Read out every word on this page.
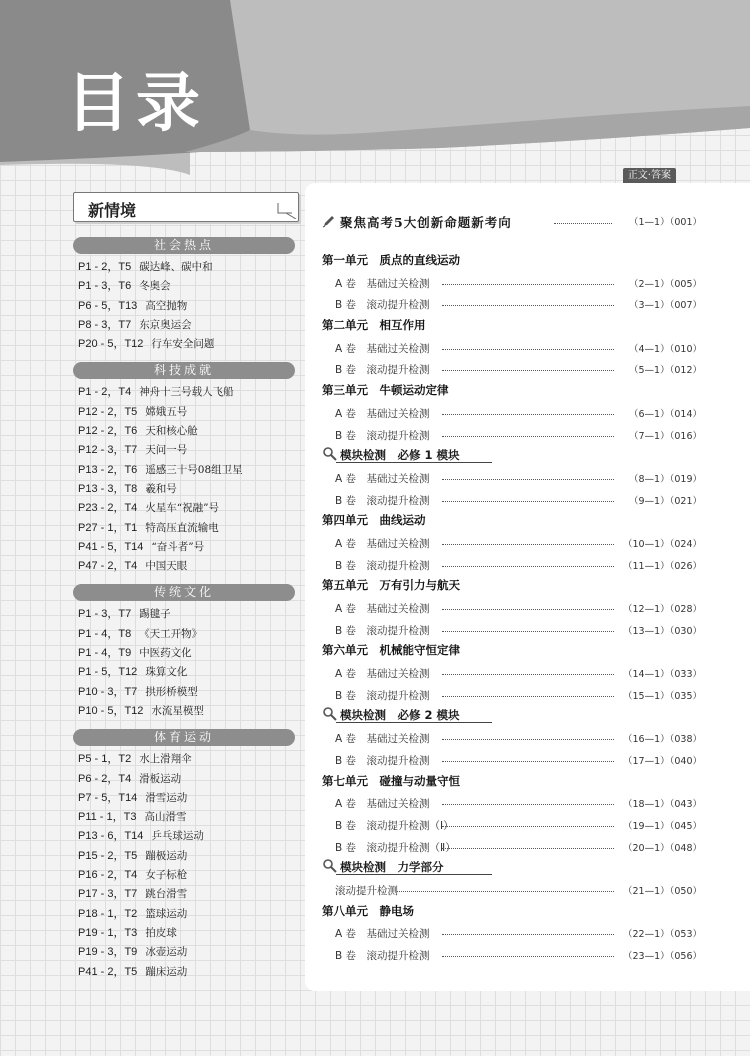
目录
正文·答案
新情境
社会热点
P1 - 2，T5 碳达峰、碳中和
P1 - 3，T6 冬奥会
P6 - 5，T13 高空抛物
P8 - 3，T7 东京奥运会
P20 - 5，T12 行车安全问题
科技成就
P1 - 2，T4 神舟十三号载人飞船
P12 - 2，T5 嫦娥五号
P12 - 2，T6 天和核心舱
P12 - 3，T7 天问一号
P13 - 2，T6 遥感三十号08组卫星
P13 - 3，T8 羲和号
P23 - 2，T4 火星车“祝融”号
P27 - 1，T1 特高压直流输电
P41 - 5，T14 “奋斗者”号
P47 - 2，T4 中国天眼
传统文化
P1 - 3，T7 踢毽子
P1 - 4，T8 《天工开物》
P1 - 4，T9 中医药文化
P1 - 5，T12 珠算文化
P10 - 3，T7 拱形桥模型
P10 - 5，T12 水流星模型
体育运动
P5 - 1，T2 水上滑翔伞
P6 - 2，T4 滑板运动
P7 - 5，T14 滑雪运动
P11 - 1，T3 高山滑雪
P13 - 6，T14 乒乓球运动
P15 - 2，T5 蹦极运动
P16 - 2，T4 女子标枪
P17 - 3，T7 跳台滑雪
P18 - 1，T2 篮球运动
P19 - 1，T3 拍皮球
P19 - 3，T9 冰壶运动
P41 - 2，T5 蹦床运动
聚焦高考5大创新命题新考向	（1—1）（001）
第一单元　质点的直线运动
A 卷　基础过关检测	（2—1）（005）
B 卷　滚动提升检测	（3—1）（007）
第二单元　相互作用
A 卷　基础过关检测	（4—1）（010）
B 卷　滚动提升检测	（5—1）（012）
第三单元　牛顿运动定律
A 卷　基础过关检测	（6—1）（014）
B 卷　滚动提升检测	（7—1）（016）
模块检测　必修 1 模块
A 卷　基础过关检测	（8—1）（019）
B 卷　滚动提升检测	（9—1）（021）
第四单元　曲线运动
A 卷　基础过关检测	（10—1）（024）
B 卷　滚动提升检测	（11—1）（026）
第五单元　万有引力与航天
A 卷　基础过关检测	（12—1）（028）
B 卷　滚动提升检测	（13—1）（030）
第六单元　机械能守恒定律
A 卷　基础过关检测	（14—1）（033）
B 卷　滚动提升检测	（15—1）（035）
模块检测　必修 2 模块
A 卷　基础过关检测	（16—1）（038）
B 卷　滚动提升检测	（17—1）（040）
第七单元　碰撞与动量守恒
A 卷　基础过关检测	（18—1）（043）
B 卷　滚动提升检测（Ⅰ）	（19—1）（045）
B 卷　滚动提升检测（Ⅱ）	（20—1）（048）
模块检测　力学部分
滚动提升检测	（21—1）（050）
第八单元　静电场
A 卷　基础过关检测	（22—1）（053）
B 卷　滚动提升检测	（23—1）（056）
